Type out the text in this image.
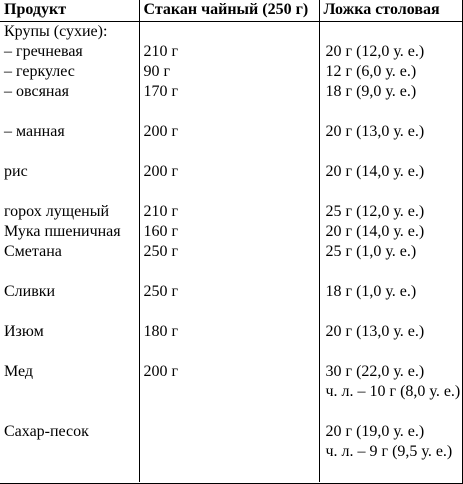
Продукт	Стакан чайный (250 г)	Ложка столовая
Крупы (сухие):		
– гречневая	210 г	20 г (12,0 у. е.)
– геркулес	90 г	12 г (6,0 у. е.)
– овсяная	170 г	18 г (9,0 у. е.)
– манная	200 г	20 г (13,0 у. е.)
рис	200 г	20 г (14,0 у. е.)
горох лущеный	210 г	25 г (12,0 у. е.)
Мука пшеничная	160 г	20 г (14,0 у. е.)
Сметана	250 г	25 г (1,0 у. е.)
Сливки	250 г	18 г (1,0 у. е.)
Изюм	180 г	20 г (13,0 у. е.)
Мед	200 г	30 г (22,0 у. е.)
ч. л. – 10 г (8,0 у. е.)
Сахар-песок		20 г (19,0 у. е.)
ч. л. – 9 г (9,5 у. е.)
